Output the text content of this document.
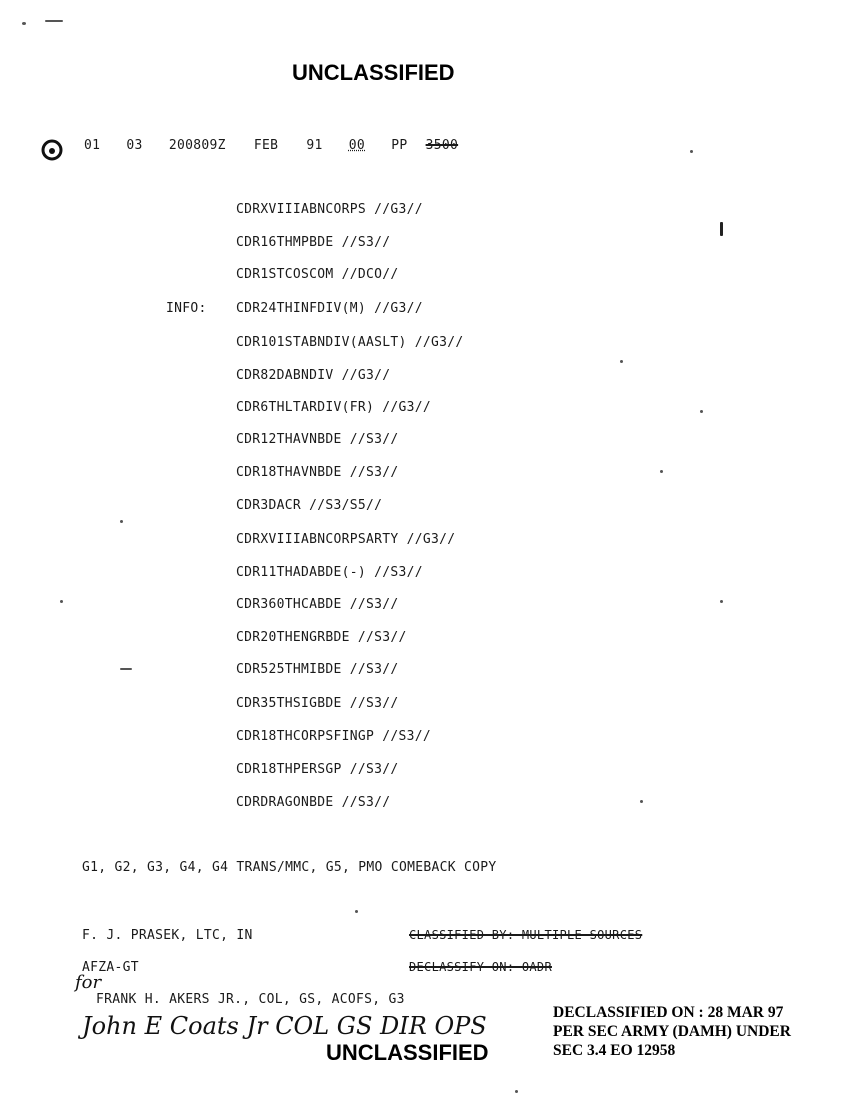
UNCLASSIFIED
01 03 200809Z FEB 91 00 PP 3500
CDRXVIIIABNCORPS //G3//
CDR16THMPBDE //S3//
CDR1STCOSCOM //DCO//
INFO: CDR24THINFDIV(M) //G3//
CDR101STABNDIV(AASLT) //G3//
CDR82DABNDIV //G3//
CDR6THLTARDIV(FR) //G3//
CDR12THAVNBDE //S3//
CDR18THAVNBDE //S3//
CDR3DACR //S3/S5//
CDRXVIIIABNCORPSARTY //G3//
CDR11THADABDE(-) //S3//
CDR360THCABDE //S3//
CDR20THENGRBDE //S3//
CDR525THMIBDE //S3//
CDR35THSIGBDE //S3//
CDR18THCORPSFINGP //S3//
CDR18THPERSGP //S3//
CDRDRAGONBDE //S3//
G1, G2, G3, G4, G4 TRANS/MMC, G5, PMO COMEBACK COPY
F. J. PRASEK, LTC, IN	CLASSIFIED BY: MULTIPLE SOURCES
AFZA-GT	DECLASSIFY ON: OADR
for
FRANK H. AKERS JR., COL, GS, ACOFS, G3
John E Coats Jr COL GS DIR OPS
UNCLASSIFIED
DECLASSIFIED ON : 28 MAR 97
PER SEC ARMY (DAMH) UNDER
SEC 3.4 EO 12958
